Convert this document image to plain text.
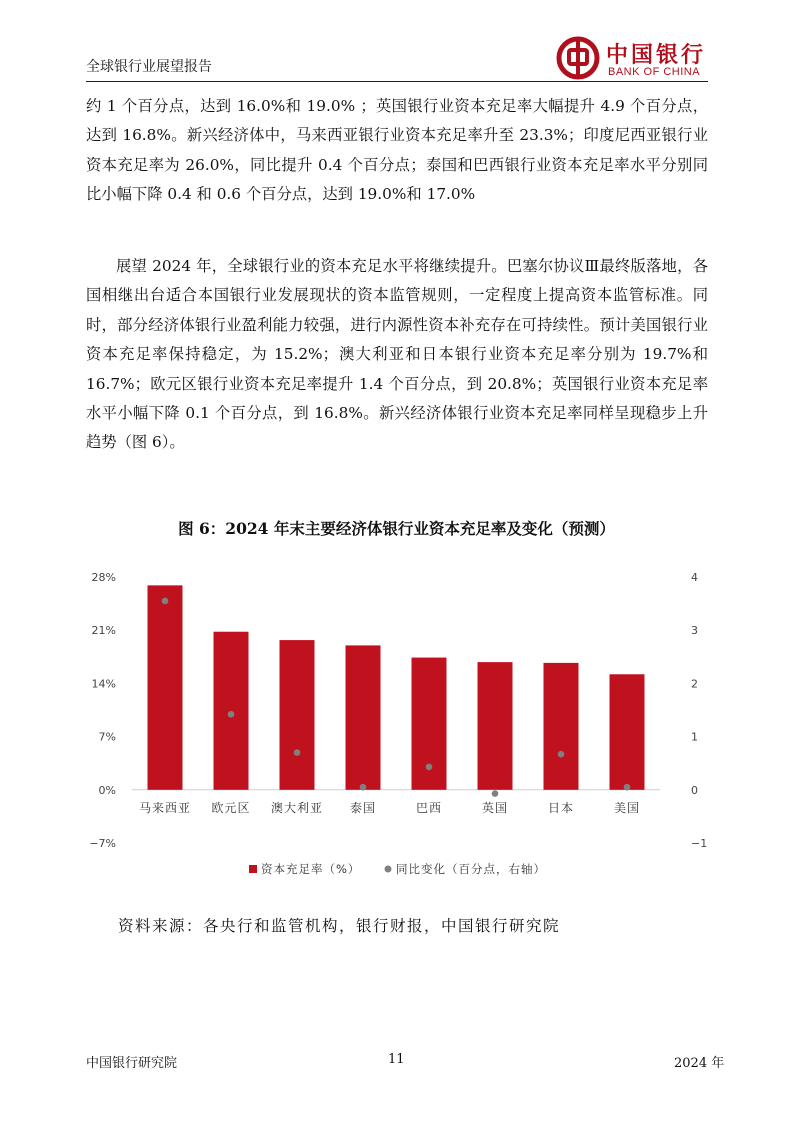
全球银行业展望报告	中国银行
BANK OF CHINA

约 1 个百分点，达到 16.0%和 19.0% ；英国银行业资本充足率大幅提升 4.9 个百分点，达到 16.8%。新兴经济体中，马来西亚银行业资本充足率升至 23.3%；印度尼西亚银行业资本充足率为 26.0%，同比提升 0.4 个百分点；泰国和巴西银行业资本充足率水平分别同比小幅下降 0.4 和 0.6 个百分点，达到 19.0%和 17.0%

展望 2024 年，全球银行业的资本充足水平将继续提升。巴塞尔协议Ⅲ最终版落地，各国相继出台适合本国银行业发展现状的资本监管规则，一定程度上提高资本监管标准。同时，部分经济体银行业盈利能力较强，进行内源性资本补充存在可持续性。预计美国银行业资本充足率保持稳定，为 15.2%；澳大利亚和日本银行业资本充足率分别为 19.7%和 16.7%；欧元区银行业资本充足率提升 1.4 个百分点，到 20.8%；英国银行业资本充足率水平小幅下降 0.1 个百分点，到 16.8%。新兴经济体银行业资本充足率同样呈现稳步上升趋势（图 6）。

图 6：2024 年末主要经济体银行业资本充足率及变化（预测）
28%
21%
14%
7%
0%
−7%
4
3
2
1
0
−1
马来西亚 欧元区 澳大利亚 泰国	巴西	英国	日本	美国
资本充足率（%）	同比变化（百分点，右轴）
资料来源：各央行和监管机构，银行财报，中国银行研究院
中国银行研究院	11	2024 年
